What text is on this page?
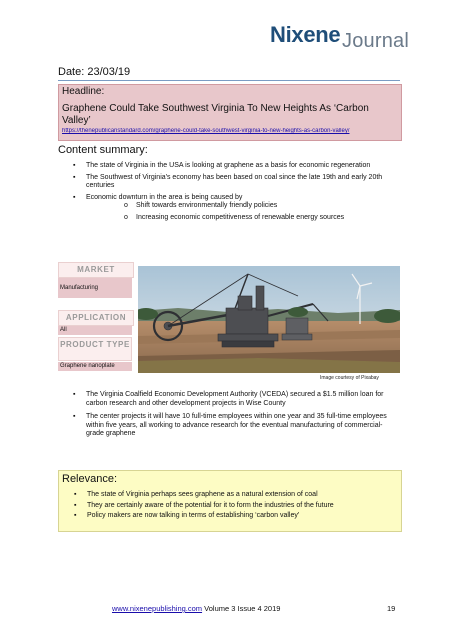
Nixene Journal
Date: 23/03/19
Headline:
Graphene Could Take Southwest Virginia To New Heights As ‘Carbon Valley’
https://thenepublicanstandard.com/graphene-could-take-southwest-virginia-to-new-heights-as-carbon-valley/
Content summary:
▪ The state of Virginia in the USA is looking at graphene as a basis for economic regeneration
▪ The Southwest of Virginia's economy has been based on coal since the late 19th and early 20th centuries
▪ Economic downturn in the area is being caused by
o Shift towards environmentally friendly policies
o Increasing economic competitiveness of renewable energy sources
MARKET
Manufacturing
APPLICATION
All
PRODUCT TYPE
Graphene nanoplate
Image courtesy of Pixabay
▪ The Virginia Coalfield Economic Development Authority (VCEDA) secured a $1.5 million loan for carbon research and other development projects in Wise County
▪ The center projects it will have 10 full-time employees within one year and 35 full-time employees within five years, all working to advance research for the eventual manufacturing of commercial-grade graphene
Relevance:
▪ The state of Virginia perhaps sees graphene as a natural extension of coal
▪ They are certainly aware of the potential for it to form the industries of the future
▪ Policy makers are now talking in terms of establishing ‘carbon valley’
www.nixenepublishing.com Volume 3 Issue 4 2019	19
